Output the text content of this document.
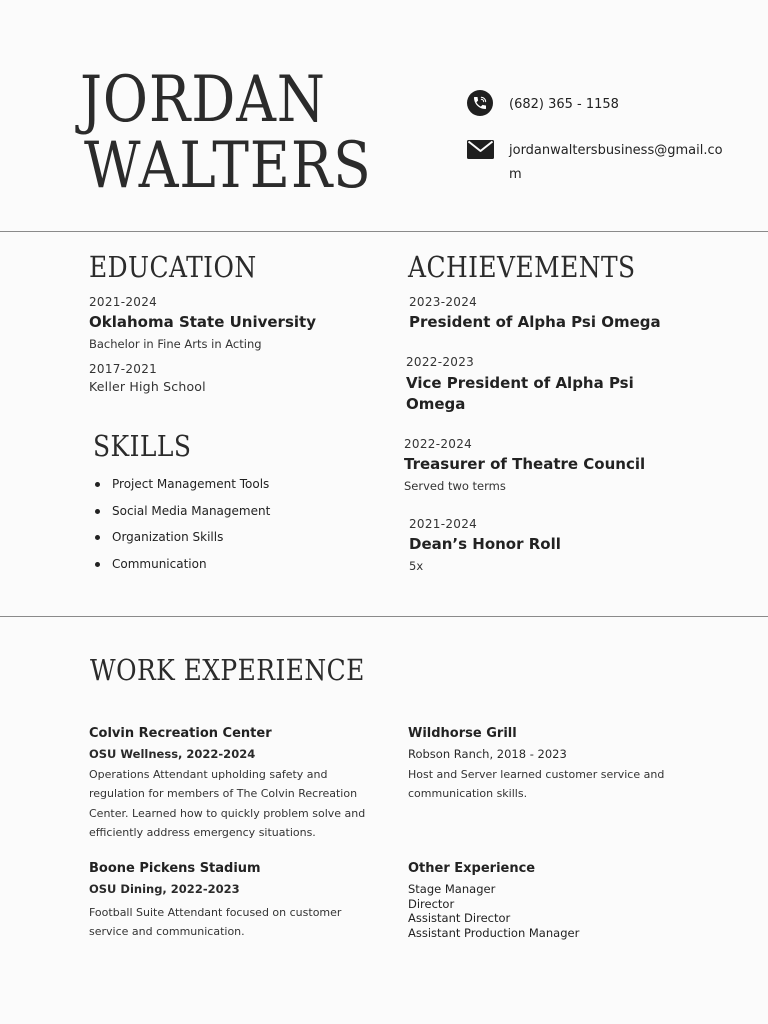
JORDAN
WALTERS
(682) 365 - 1158
jordanwaltersbusiness@gmail.co
m
EDUCATION
2021-2024
Oklahoma State University
Bachelor in Fine Arts in Acting
2017-2021
Keller High School
SKILLS
Project Management Tools
Social Media Management
Organization Skills
Communication
ACHIEVEMENTS
2023-2024
President of Alpha Psi Omega
2022-2023
Vice President of Alpha Psi
Omega
2022-2024
Treasurer of Theatre Council
Served two terms
2021-2024
Dean’s Honor Roll
5x
WORK EXPERIENCE
Colvin Recreation Center
OSU Wellness, 2022-2024
Operations Attendant upholding safety and
regulation for members of The Colvin Recreation
Center. Learned how to quickly problem solve and
efficiently address emergency situations.
Wildhorse Grill
Robson Ranch, 2018 - 2023
Host and Server learned customer service and
communication skills.
Boone Pickens Stadium
OSU Dining, 2022-2023
Football Suite Attendant focused on customer
service and communication.
Other Experience
Stage Manager
Director
Assistant Director
Assistant Production Manager
